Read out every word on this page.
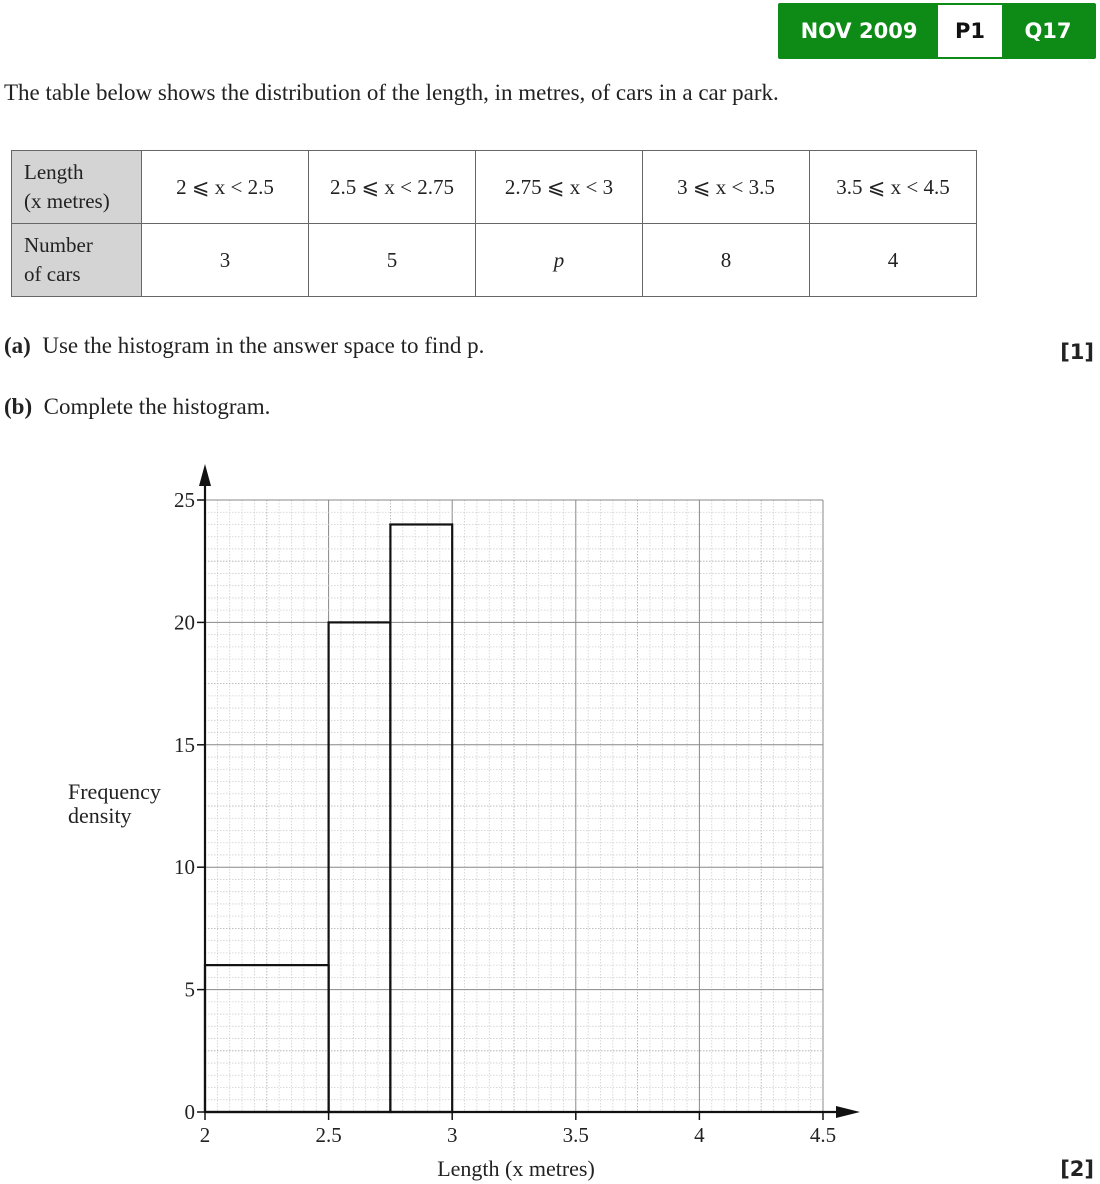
NOV 2009	P1	Q17
The table below shows the distribution of the length, in metres, of cars in a car park.
Length
(x metres)	2 ⩽ x < 2.5	2.5 ⩽ x < 2.75	2.75 ⩽ x < 3	3 ⩽ x < 3.5	3.5 ⩽ x < 4.5

Number
of cars	3	5	p	8	4
(a) Use the histogram in the answer space to find p.	[1]
(b) Complete the histogram.
[2]
0
5
10
15
20
25
2	2.5	3	3.5	4	4.5
Frequency
density
Length (x metres)
